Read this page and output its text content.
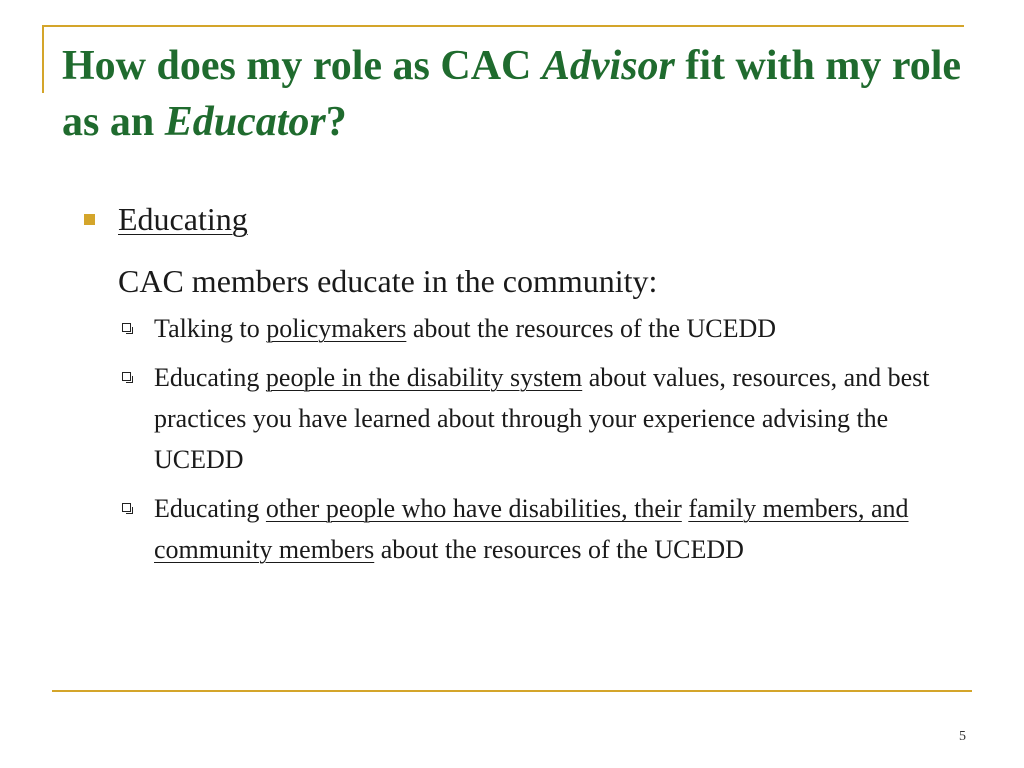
How does my role as CAC Advisor fit with my role as an Educator?
Educating
CAC members educate in the community:
Talking to policymakers about the resources of the UCEDD
Educating people in the disability system about values, resources, and best practices you have learned about through your experience advising the UCEDD
Educating other people who have disabilities, their family members, and community members about the resources of the UCEDD
5
